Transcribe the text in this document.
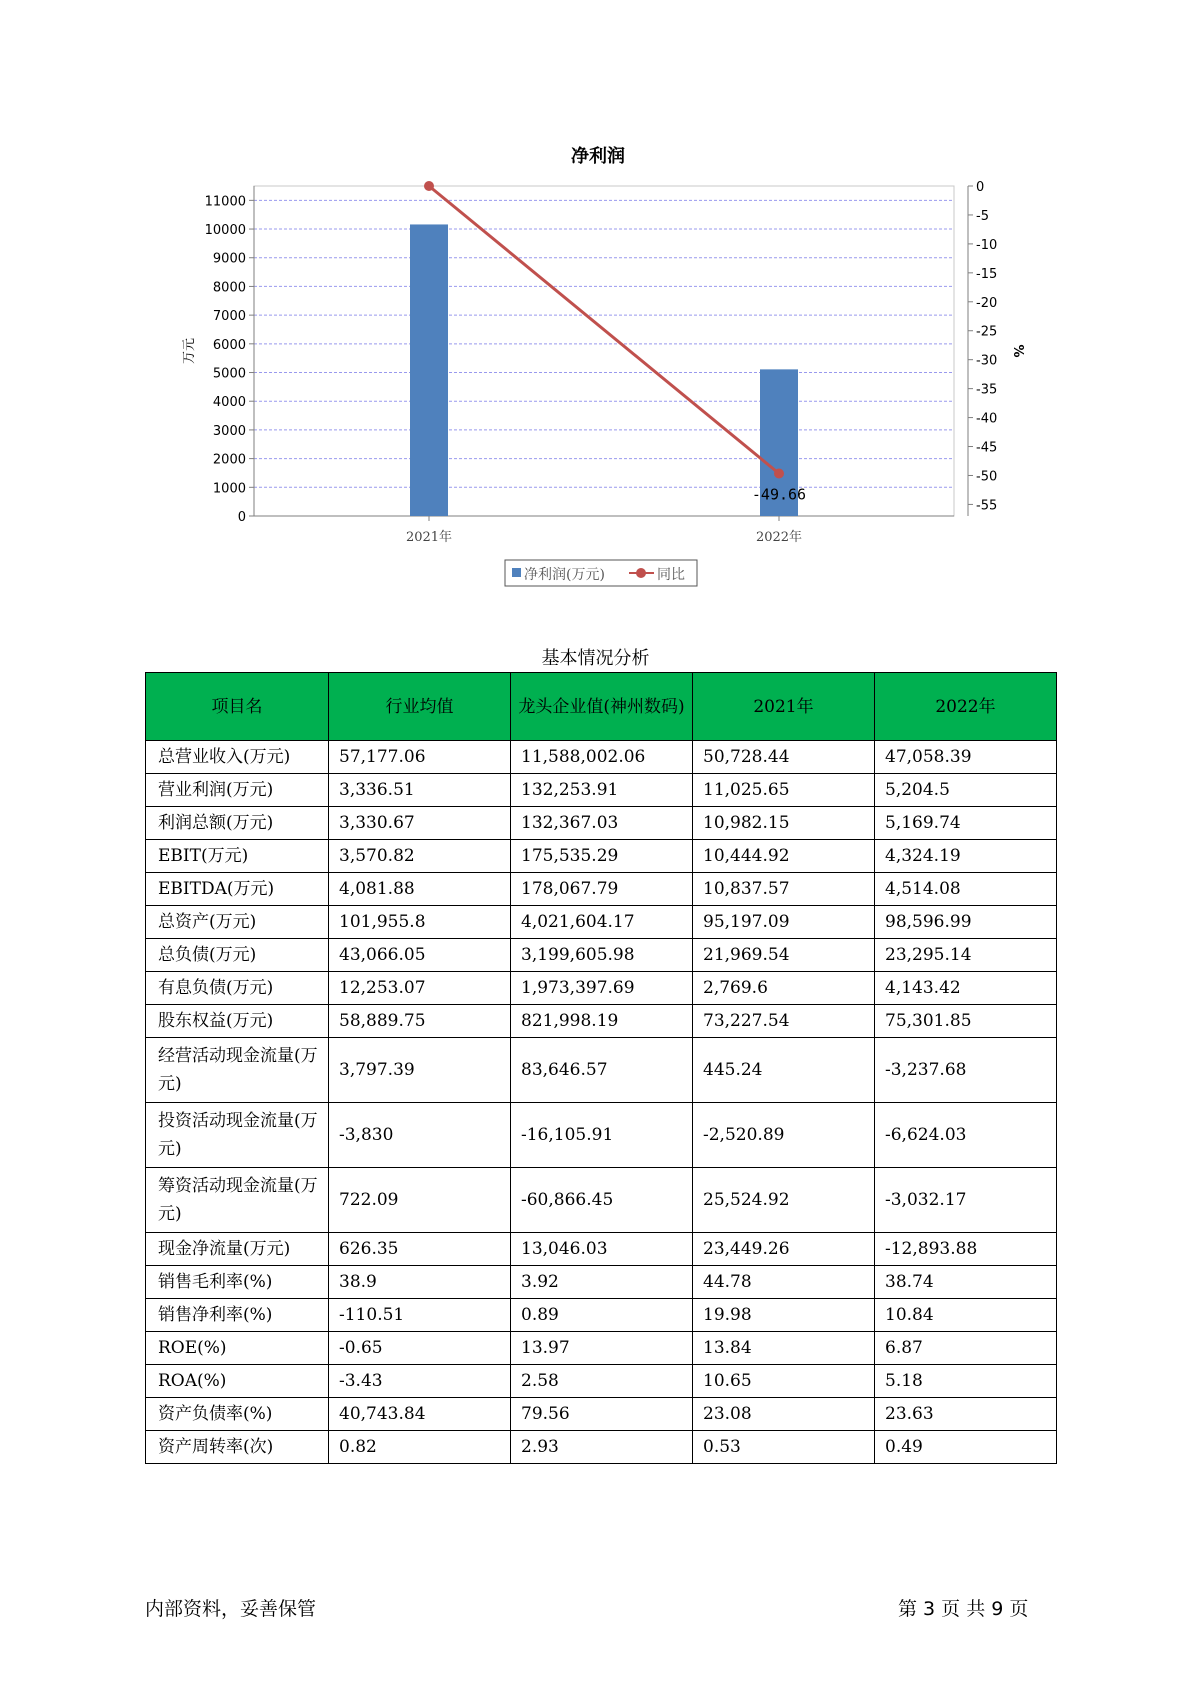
净利润
0
1000
2000
3000
4000
5000
6000
7000
8000
9000
10000
11000
0
-5
-10
-15
-20
-25
-30
-35
-40
-45
-50
-55
万元	%
2021年	2022年
-49.66
净利润(万元)	同比
基本情况分析
项目名	行业均值	龙头企业值(神州数码)	2021年	2022年
总营业收入(万元)	57,177.06	11,588,002.06	50,728.44	47,058.39
营业利润(万元)	3,336.51	132,253.91	11,025.65	5,204.5
利润总额(万元)	3,330.67	132,367.03	10,982.15	5,169.74
EBIT(万元)	3,570.82	175,535.29	10,444.92	4,324.19
EBITDA(万元)	4,081.88	178,067.79	10,837.57	4,514.08
总资产(万元)	101,955.8	4,021,604.17	95,197.09	98,596.99
总负债(万元)	43,066.05	3,199,605.98	21,969.54	23,295.14
有息负债(万元)	12,253.07	1,973,397.69	2,769.6	4,143.42
股东权益(万元)	58,889.75	821,998.19	73,227.54	75,301.85
经营活动现金流量(万元)	3,797.39	83,646.57	445.24	-3,237.68
投资活动现金流量(万元)	-3,830	-16,105.91	-2,520.89	-6,624.03
筹资活动现金流量(万元)	722.09	-60,866.45	25,524.92	-3,032.17
现金净流量(万元)	626.35	13,046.03	23,449.26	-12,893.88
销售毛利率(%)	38.9	3.92	44.78	38.74
销售净利率(%)	-110.51	0.89	19.98	10.84
ROE(%)	-0.65	13.97	13.84	6.87
ROA(%)	-3.43	2.58	10.65	5.18
资产负债率(%)	40,743.84	79.56	23.08	23.63
资产周转率(次)	0.82	2.93	0.53	0.49
内部资料，妥善保管	第 3 页 共 9 页
